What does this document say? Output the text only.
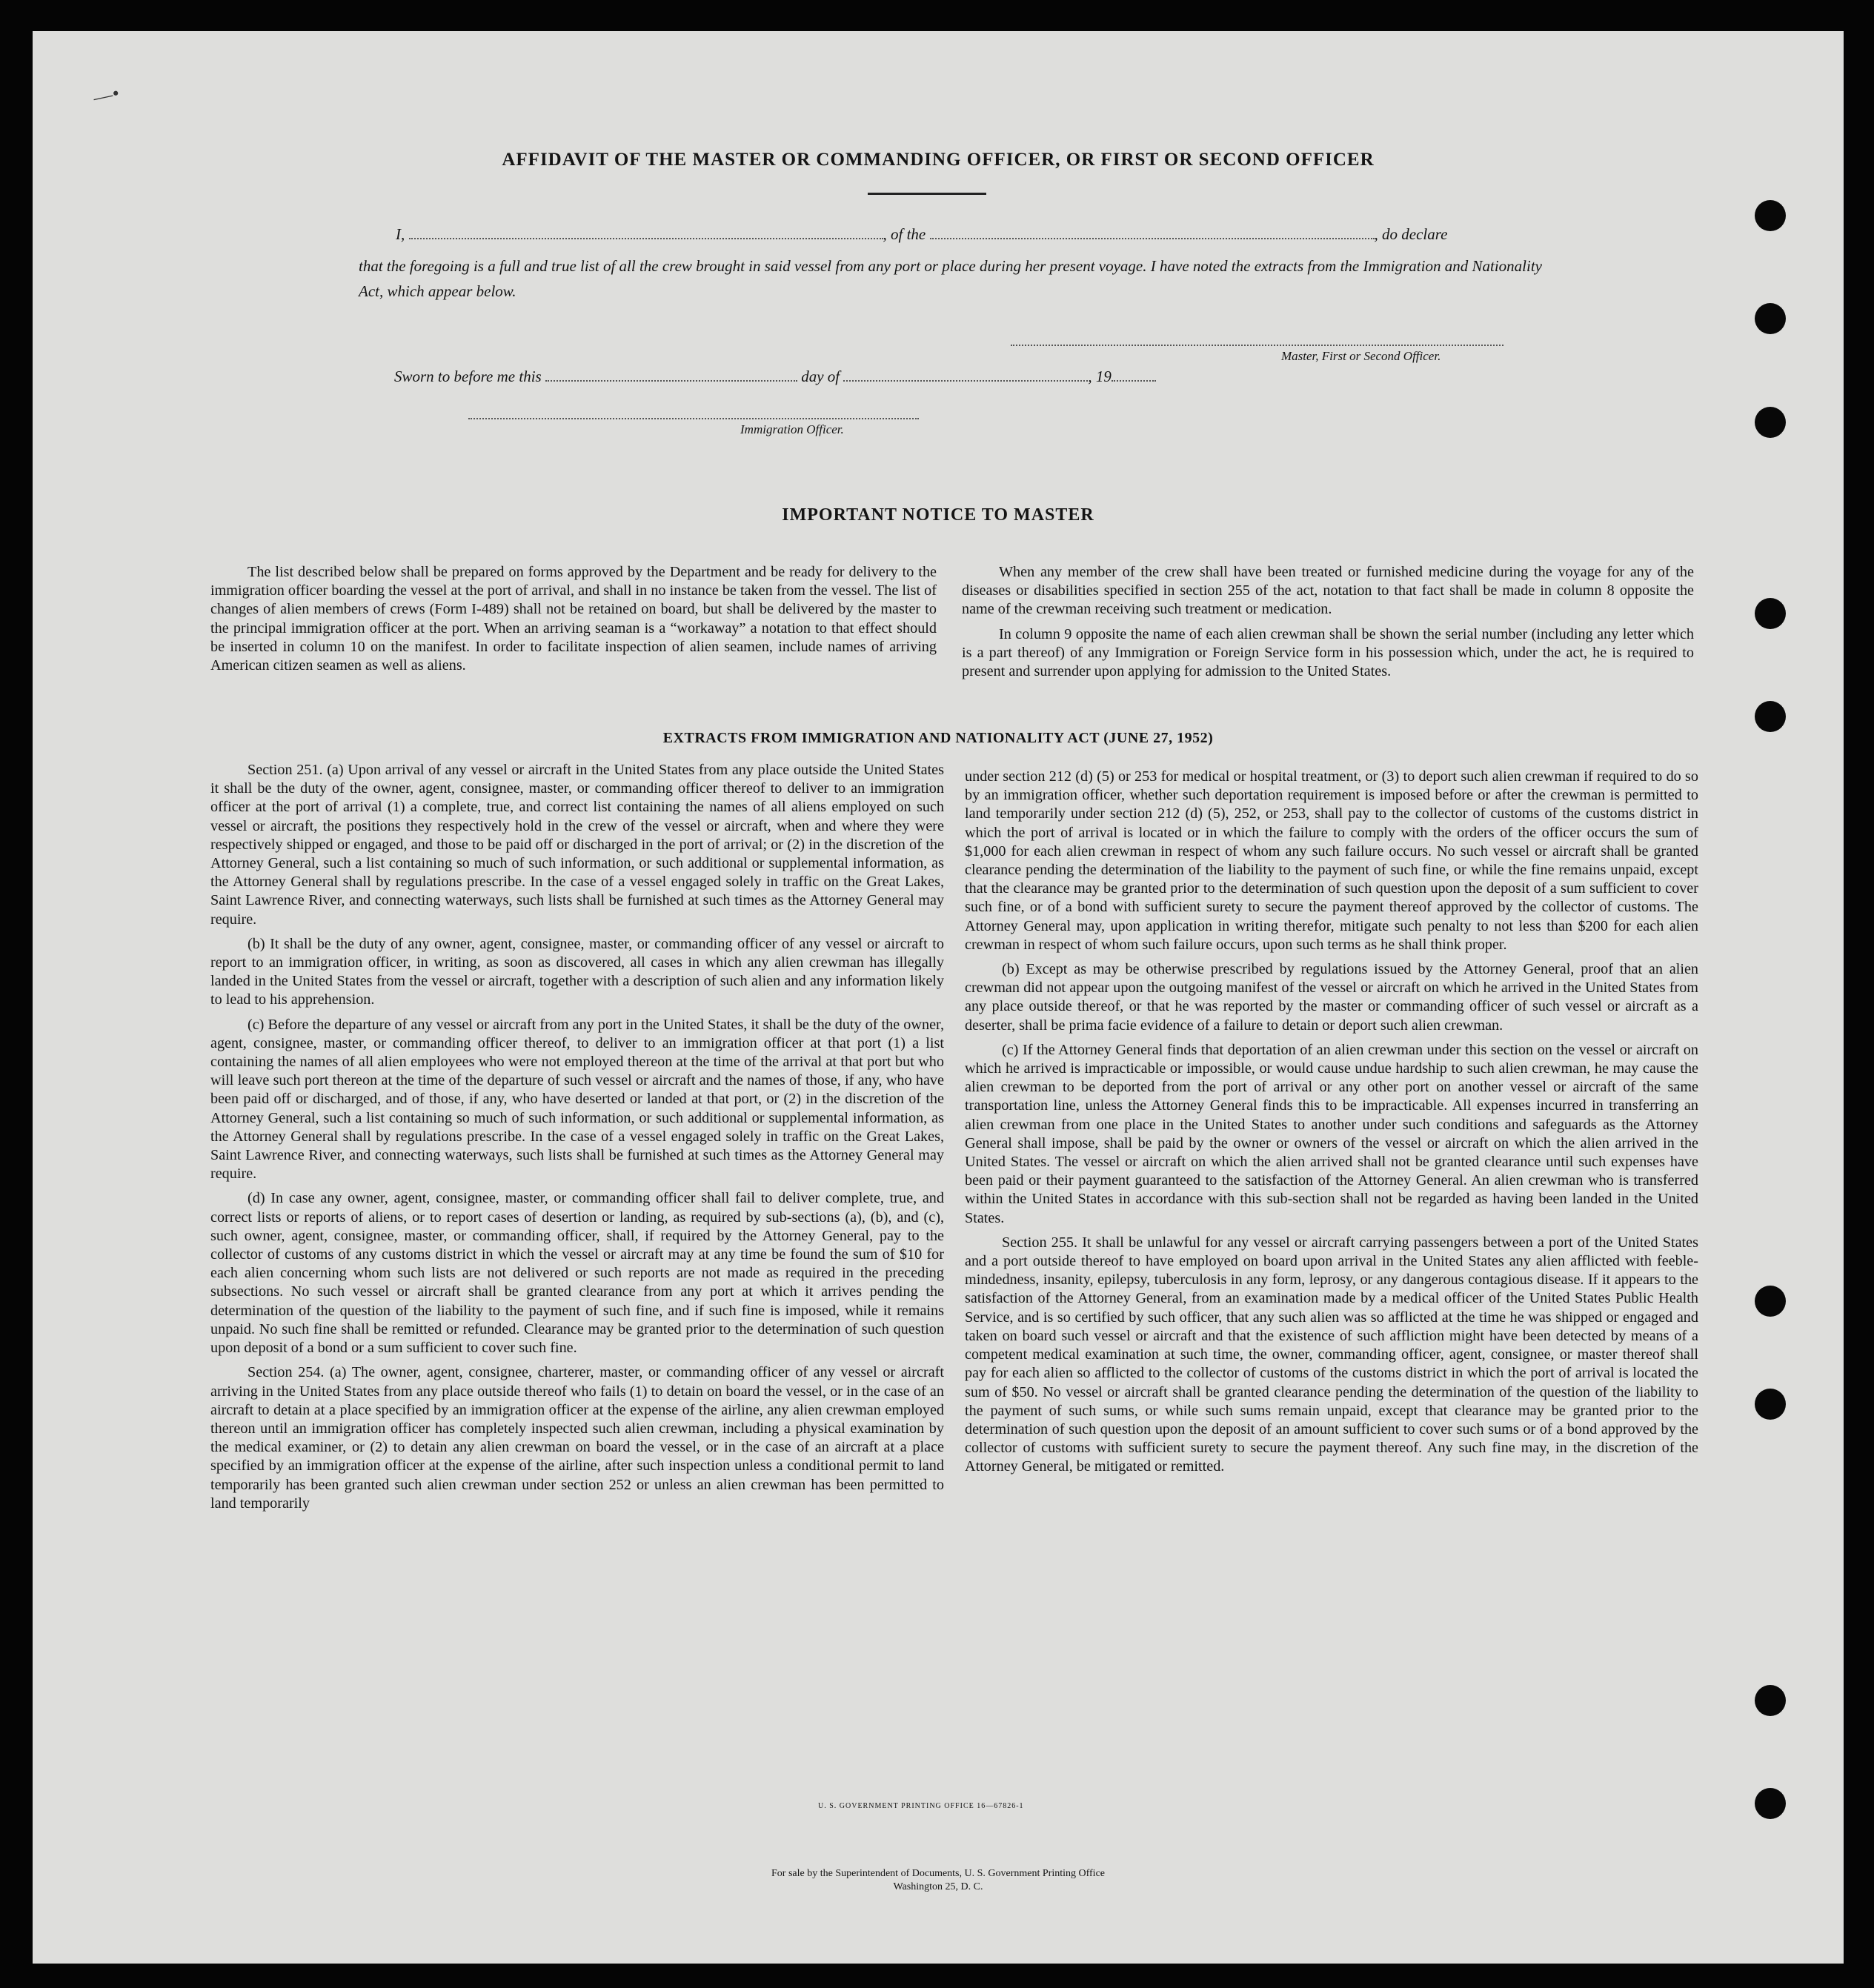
—•
AFFIDAVIT OF THE MASTER OR COMMANDING OFFICER, OR FIRST OR SECOND OFFICER
I,	, of the	, do declare
that the foregoing is a full and true list of all the crew brought in said vessel from any port or place during her present voyage. I have noted the extracts from the Immigration and Nationality Act, which appear below.
Master, First or Second Officer.
Sworn to before me this	day of	, 19
Immigration Officer.
IMPORTANT NOTICE TO MASTER

The list described below shall be prepared on forms approved by the Department and be ready for delivery to the immigration officer boarding the vessel at the port of arrival, and shall in no instance be taken from the vessel. The list of changes of alien members of crews (Form I-489) shall not be retained on board, but shall be delivered by the master to the principal immigration officer at the port. When an arriving seaman is a “workaway” a notation to that effect should be inserted in column 10 on the manifest. In order to facilitate inspection of alien seamen, include names of arriving American citizen seamen as well as aliens.

When any member of the crew shall have been treated or furnished medicine during the voyage for any of the diseases or disabilities specified in section 255 of the act, notation to that fact shall be made in column 8 opposite the name of the crewman receiving such treatment or medication.

In column 9 opposite the name of each alien crewman shall be shown the serial number (including any letter which is a part thereof) of any Immigration or Foreign Service form in his possession which, under the act, he is required to present and surrender upon applying for admission to the United States.

EXTRACTS FROM IMMIGRATION AND NATIONALITY ACT (JUNE 27, 1952)

Section 251. (a) Upon arrival of any vessel or aircraft in the United States from any place outside the United States it shall be the duty of the owner, agent, consignee, master, or commanding officer thereof to deliver to an immigration officer at the port of arrival (1) a complete, true, and correct list containing the names of all aliens employed on such vessel or aircraft, the positions they respectively hold in the crew of the vessel or aircraft, when and where they were respectively shipped or engaged, and those to be paid off or discharged in the port of arrival; or (2) in the discretion of the Attorney General, such a list containing so much of such information, or such additional or supplemental information, as the Attorney General shall by regulations prescribe. In the case of a vessel engaged solely in traffic on the Great Lakes, Saint Lawrence River, and connecting waterways, such lists shall be furnished at such times as the Attorney General may require.

(b) It shall be the duty of any owner, agent, consignee, master, or commanding officer of any vessel or aircraft to report to an immigration officer, in writing, as soon as discovered, all cases in which any alien crewman has illegally landed in the United States from the vessel or aircraft, together with a description of such alien and any information likely to lead to his apprehension.

(c) Before the departure of any vessel or aircraft from any port in the United States, it shall be the duty of the owner, agent, consignee, master, or commanding officer thereof, to deliver to an immigration officer at that port (1) a list containing the names of all alien employees who were not employed thereon at the time of the arrival at that port but who will leave such port thereon at the time of the departure of such vessel or aircraft and the names of those, if any, who have been paid off or discharged, and of those, if any, who have deserted or landed at that port, or (2) in the discretion of the Attorney General, such a list containing so much of such information, or such additional or supplemental information, as the Attorney General shall by regulations prescribe. In the case of a vessel engaged solely in traffic on the Great Lakes, Saint Lawrence River, and connecting waterways, such lists shall be furnished at such times as the Attorney General may require.

(d) In case any owner, agent, consignee, master, or commanding officer shall fail to deliver complete, true, and correct lists or reports of aliens, or to report cases of desertion or landing, as required by sub-sections (a), (b), and (c), such owner, agent, consignee, master, or commanding officer, shall, if required by the Attorney General, pay to the collector of customs of any customs district in which the vessel or aircraft may at any time be found the sum of $10 for each alien concerning whom such lists are not delivered or such reports are not made as required in the preceding subsections. No such vessel or aircraft shall be granted clearance from any port at which it arrives pending the determination of the question of the liability to the payment of such fine, and if such fine is imposed, while it remains unpaid. No such fine shall be remitted or refunded. Clearance may be granted prior to the determination of such question upon deposit of a bond or a sum sufficient to cover such fine.

Section 254. (a) The owner, agent, consignee, charterer, master, or commanding officer of any vessel or aircraft arriving in the United States from any place outside thereof who fails (1) to detain on board the vessel, or in the case of an aircraft to detain at a place specified by an immigration officer at the expense of the airline, any alien crewman employed thereon until an immigration officer has completely inspected such alien crewman, including a physical examination by the medical examiner, or (2) to detain any alien crewman on board the vessel, or in the case of an aircraft at a place specified by an immigration officer at the expense of the airline, after such inspection unless a conditional permit to land temporarily has been granted such alien crewman under section 252 or unless an alien crewman has been permitted to land temporarily

under section 212 (d) (5) or 253 for medical or hospital treatment, or (3) to deport such alien crewman if required to do so by an immigration officer, whether such deportation requirement is imposed before or after the crewman is permitted to land temporarily under section 212 (d) (5), 252, or 253, shall pay to the collector of customs of the customs district in which the port of arrival is located or in which the failure to comply with the orders of the officer occurs the sum of $1,000 for each alien crewman in respect of whom any such failure occurs. No such vessel or aircraft shall be granted clearance pending the determination of the liability to the payment of such fine, or while the fine remains unpaid, except that the clearance may be granted prior to the determination of such question upon the deposit of a sum sufficient to cover such fine, or of a bond with sufficient surety to secure the payment thereof approved by the collector of customs. The Attorney General may, upon application in writing therefor, mitigate such penalty to not less than $200 for each alien crewman in respect of whom such failure occurs, upon such terms as he shall think proper.

(b) Except as may be otherwise prescribed by regulations issued by the Attorney General, proof that an alien crewman did not appear upon the outgoing manifest of the vessel or aircraft on which he arrived in the United States from any place outside thereof, or that he was reported by the master or commanding officer of such vessel or aircraft as a deserter, shall be prima facie evidence of a failure to detain or deport such alien crewman.

(c) If the Attorney General finds that deportation of an alien crewman under this section on the vessel or aircraft on which he arrived is impracticable or impossible, or would cause undue hardship to such alien crewman, he may cause the alien crewman to be deported from the port of arrival or any other port on another vessel or aircraft of the same transportation line, unless the Attorney General finds this to be impracticable. All expenses incurred in transferring an alien crewman from one place in the United States to another under such conditions and safeguards as the Attorney General shall impose, shall be paid by the owner or owners of the vessel or aircraft on which the alien arrived in the United States. The vessel or aircraft on which the alien arrived shall not be granted clearance until such expenses have been paid or their payment guaranteed to the satisfaction of the Attorney General. An alien crewman who is transferred within the United States in accordance with this sub-section shall not be regarded as having been landed in the United States.

Section 255. It shall be unlawful for any vessel or aircraft carrying passengers between a port of the United States and a port outside thereof to have employed on board upon arrival in the United States any alien afflicted with feeble-mindedness, insanity, epilepsy, tuberculosis in any form, leprosy, or any dangerous contagious disease. If it appears to the satisfaction of the Attorney General, from an examination made by a medical officer of the United States Public Health Service, and is so certified by such officer, that any such alien was so afflicted at the time he was shipped or engaged and taken on board such vessel or aircraft and that the existence of such affliction might have been detected by means of a competent medical examination at such time, the owner, commanding officer, agent, consignee, or master thereof shall pay for each alien so afflicted to the collector of customs of the customs district in which the port of arrival is located the sum of $50. No vessel or aircraft shall be granted clearance pending the determination of the question of the liability to the payment of such sums, or while such sums remain unpaid, except that clearance may be granted prior to the determination of such question upon the deposit of an amount sufficient to cover such sums or of a bond approved by the collector of customs with sufficient surety to secure the payment thereof. Any such fine may, in the discretion of the Attorney General, be mitigated or remitted.

U. S. GOVERNMENT PRINTING OFFICE 16—67826-1
For sale by the Superintendent of Documents, U. S. Government Printing Office
Washington 25, D. C.
